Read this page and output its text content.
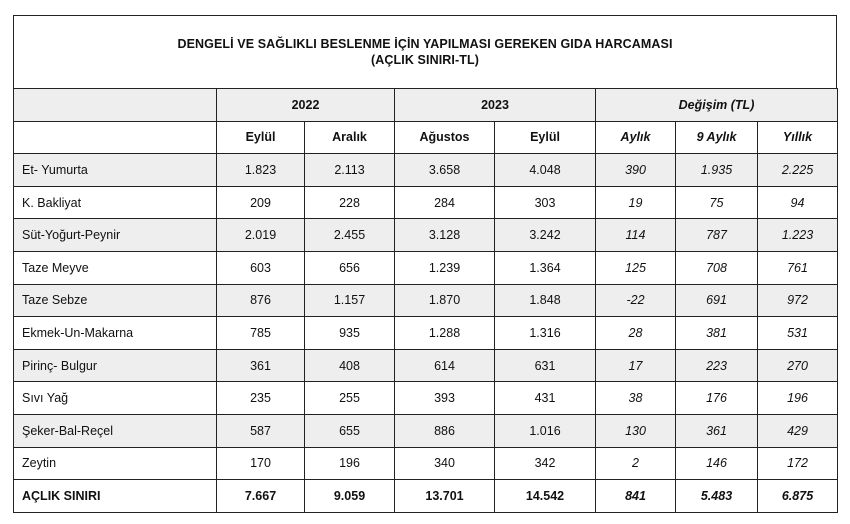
DENGELİ VE SAĞLIKLI BESLENME İÇİN YAPILMASI GEREKEN GIDA HARCAMASI
(AÇLIK SINIRI-TL)
	2022		2023		Değişim (TL)		
	Eylül	Aralık	Ağustos	Eylül	Aylık	9 Aylık	Yıllık
Et- Yumurta	1.823	2.113	3.658	4.048	390	1.935	2.225
K. Bakliyat	209	228	284	303	19	75	94
Süt-Yoğurt-Peynir	2.019	2.455	3.128	3.242	114	787	1.223
Taze Meyve	603	656	1.239	1.364	125	708	761
Taze Sebze	876	1.157	1.870	1.848	-22	691	972
Ekmek-Un-Makarna	785	935	1.288	1.316	28	381	531
Pirinç- Bulgur	361	408	614	631	17	223	270
Sıvı Yağ	235	255	393	431	38	176	196
Şeker-Bal-Reçel	587	655	886	1.016	130	361	429
Zeytin	170	196	340	342	2	146	172
AÇLIK SINIRI	7.667	9.059	13.701	14.542	841	5.483	6.875
